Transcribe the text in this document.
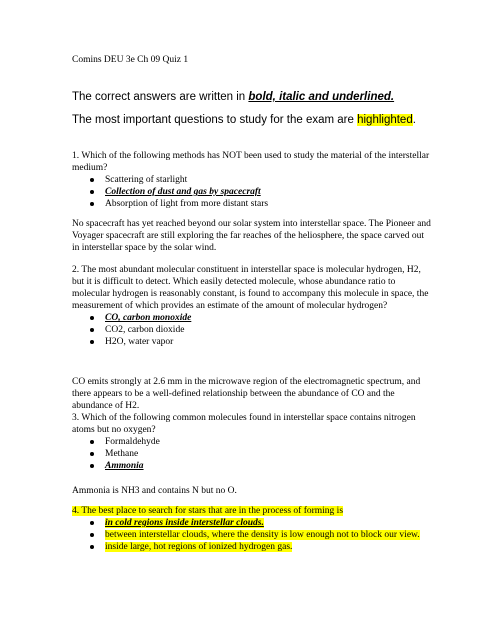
Comins DEU 3e Ch 09 Quiz 1
The correct answers are written in bold, italic and underlined.
The most important questions to study for the exam are highlighted.
1. Which of the following methods has NOT been used to study the material of the interstellar medium?
Scattering of starlight
Collection of dust and gas by spacecraft
Absorption of light from more distant stars
No spacecraft has yet reached beyond our solar system into interstellar space. The Pioneer and Voyager spacecraft are still exploring the far reaches of the heliosphere, the space carved out in interstellar space by the solar wind.
2. The most abundant molecular constituent in interstellar space is molecular hydrogen, H2, but it is difficult to detect. Which easily detected molecule, whose abundance ratio to molecular hydrogen is reasonably constant, is found to accompany this molecule in space, the measurement of which provides an estimate of the amount of molecular hydrogen?
CO, carbon monoxide
CO2, carbon dioxide
H2O, water vapor
CO emits strongly at 2.6 mm in the microwave region of the electromagnetic spectrum, and there appears to be a well-defined relationship between the abundance of CO and the abundance of H2.
3. Which of the following common molecules found in interstellar space contains nitrogen atoms but no oxygen?
Formaldehyde
Methane
Ammonia
Ammonia is NH3 and contains N but no O.
4. The best place to search for stars that are in the process of forming is
in cold regions inside interstellar clouds.
between interstellar clouds, where the density is low enough not to block our view.
inside large, hot regions of ionized hydrogen gas.
